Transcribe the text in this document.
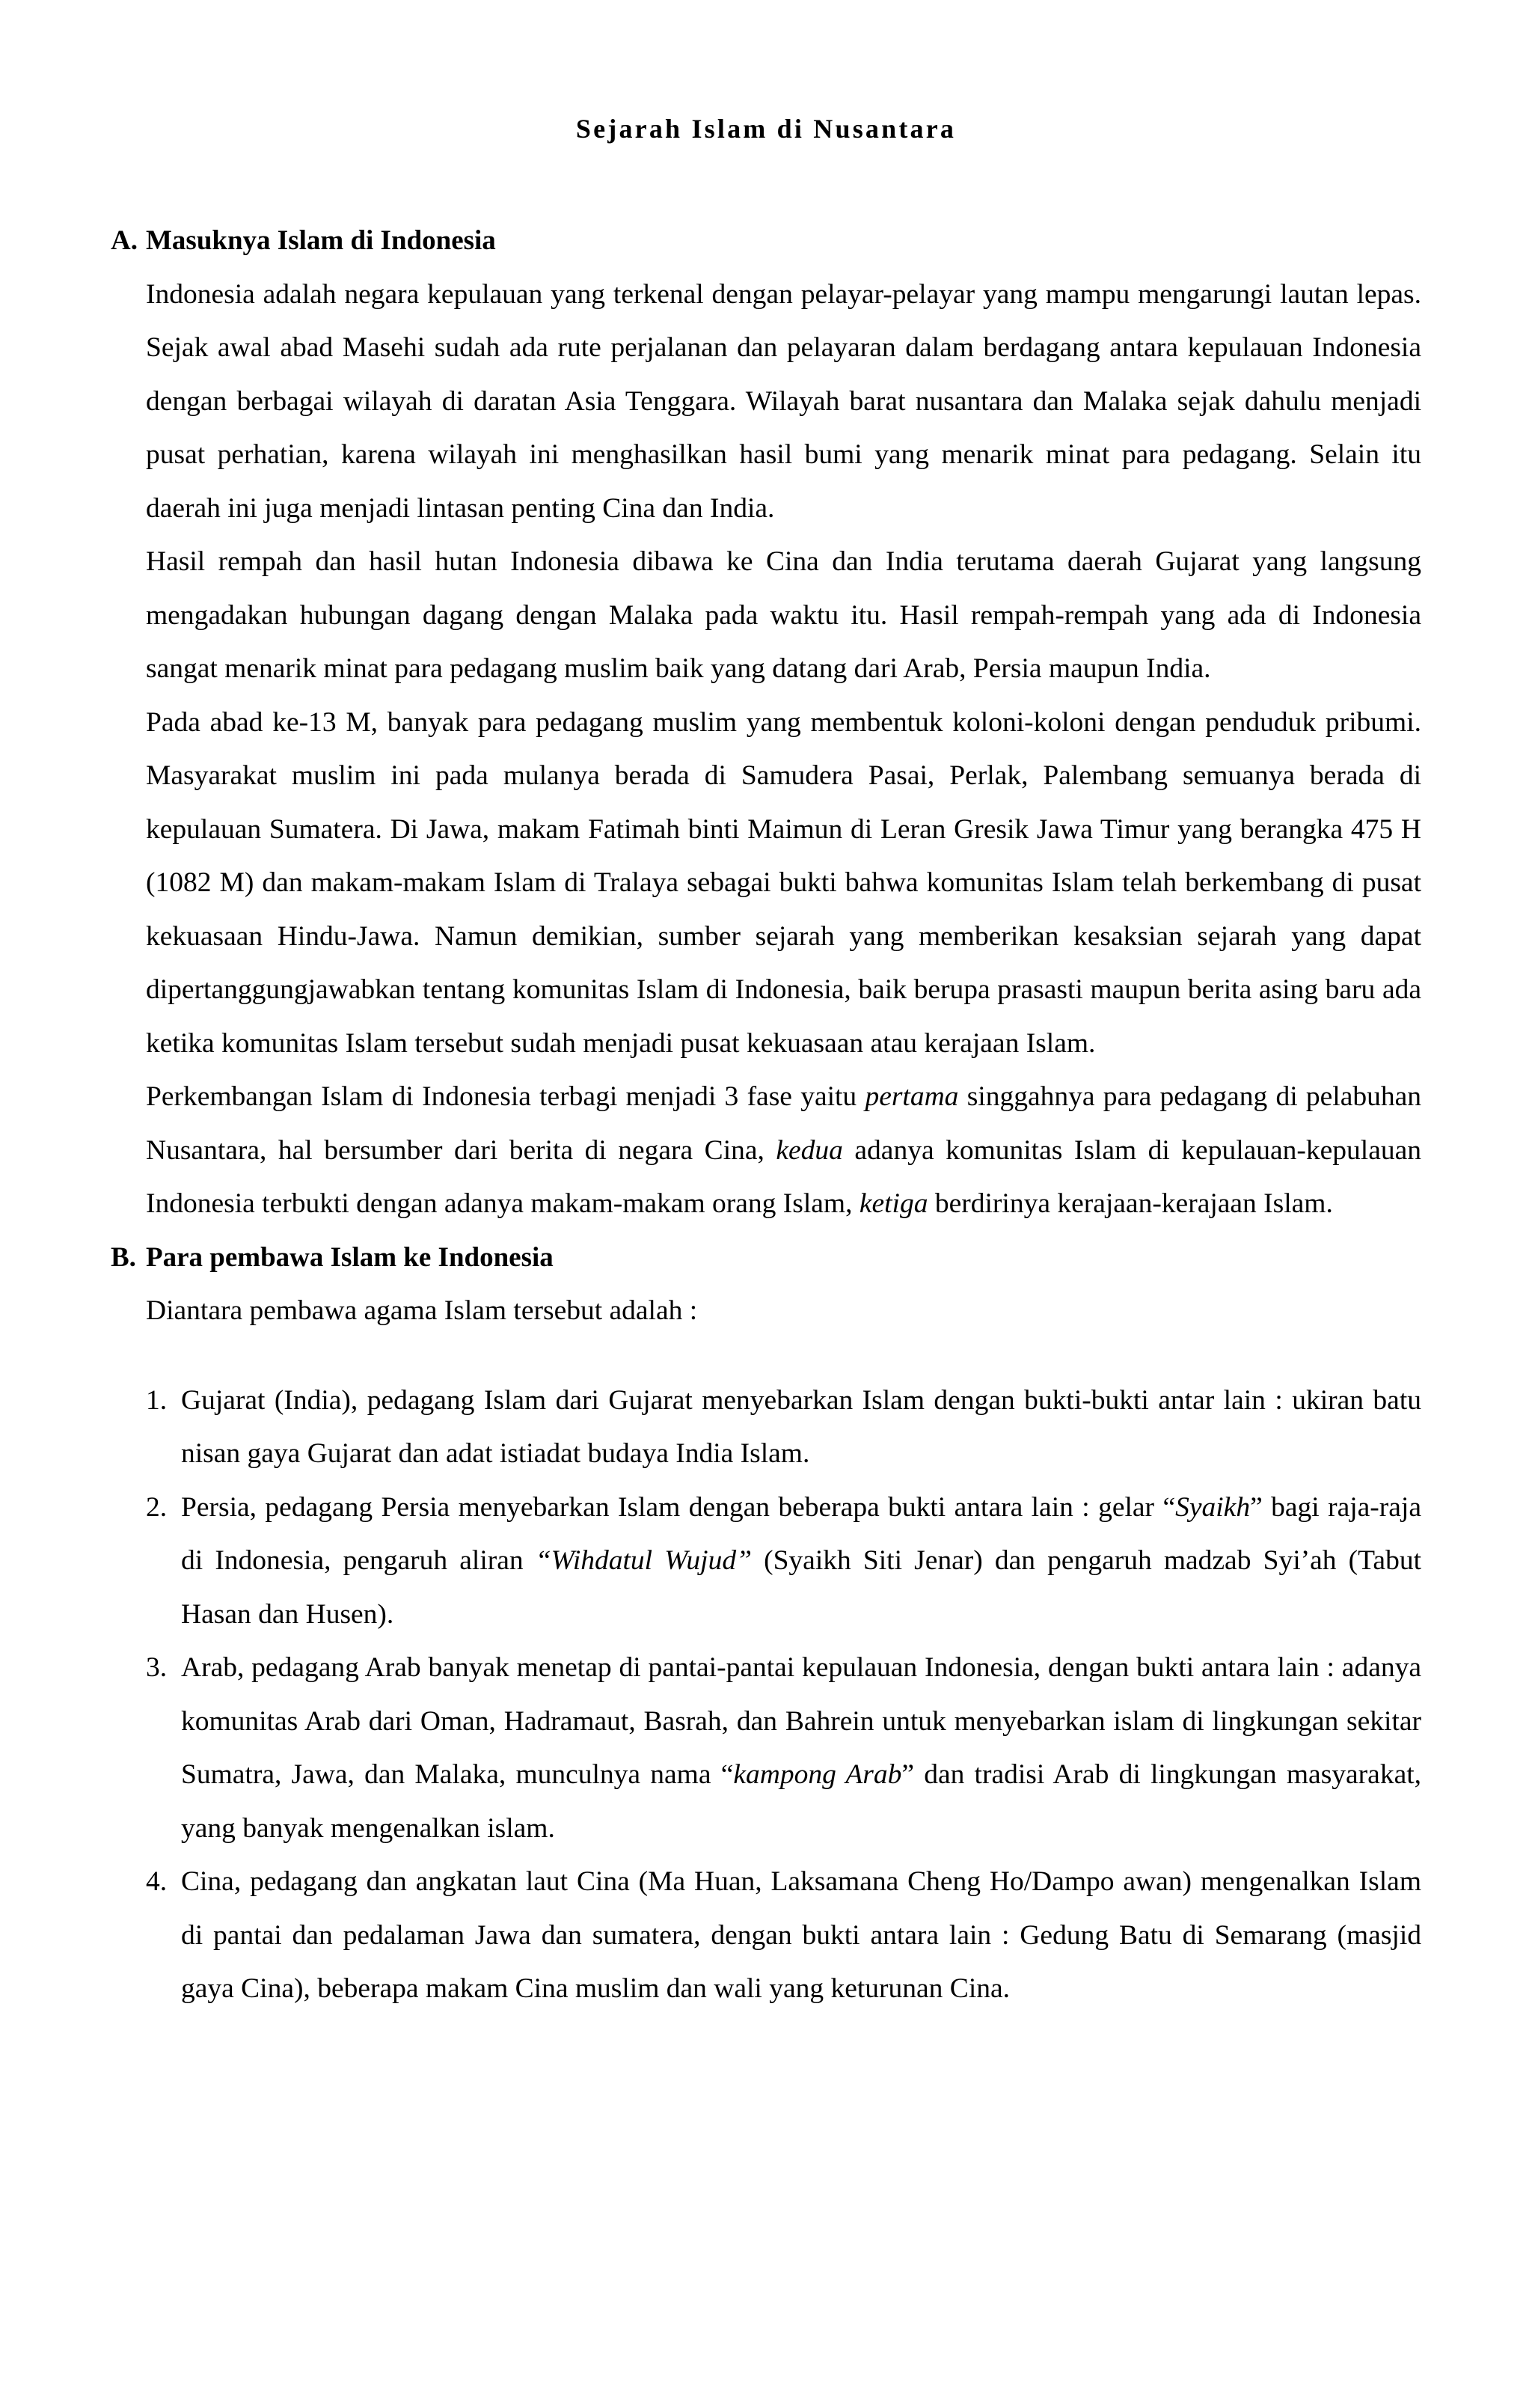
Sejarah Islam di Nusantara
A. Masuknya Islam di Indonesia
Indonesia adalah negara kepulauan yang terkenal dengan pelayar-pelayar yang mampu mengarungi lautan lepas. Sejak awal abad Masehi sudah ada rute perjalanan dan pelayaran dalam berdagang antara kepulauan Indonesia dengan berbagai wilayah di daratan Asia Tenggara. Wilayah barat nusantara dan Malaka sejak dahulu menjadi pusat perhatian, karena wilayah ini menghasilkan hasil bumi yang menarik minat para pedagang. Selain itu daerah ini juga menjadi lintasan penting Cina dan India.
Hasil rempah dan hasil hutan Indonesia dibawa ke Cina dan India terutama daerah Gujarat yang langsung mengadakan hubungan dagang dengan Malaka pada waktu itu. Hasil rempah-rempah yang ada di Indonesia sangat menarik minat para pedagang muslim baik yang datang dari Arab, Persia maupun India.
Pada abad ke-13 M, banyak para pedagang muslim yang membentuk koloni-koloni dengan penduduk pribumi. Masyarakat muslim ini pada mulanya berada di Samudera Pasai, Perlak, Palembang semuanya berada di kepulauan Sumatera. Di Jawa, makam Fatimah binti Maimun di Leran Gresik Jawa Timur yang berangka 475 H (1082 M) dan makam-makam Islam di Tralaya sebagai bukti bahwa komunitas Islam telah berkembang di pusat kekuasaan Hindu-Jawa. Namun demikian, sumber sejarah yang memberikan kesaksian sejarah yang dapat dipertanggungjawabkan tentang komunitas Islam di Indonesia, baik berupa prasasti maupun berita asing baru ada ketika komunitas Islam tersebut sudah menjadi pusat kekuasaan atau kerajaan Islam.
Perkembangan Islam di Indonesia terbagi menjadi 3 fase yaitu pertama singgahnya para pedagang di pelabuhan Nusantara, hal bersumber dari berita di negara Cina, kedua adanya komunitas Islam di kepulauan-kepulauan Indonesia terbukti dengan adanya makam-makam orang Islam, ketiga berdirinya kerajaan-kerajaan Islam.
B. Para pembawa Islam ke Indonesia
Diantara pembawa agama Islam tersebut adalah :
1. Gujarat (India), pedagang Islam dari Gujarat menyebarkan Islam dengan bukti-bukti antar lain : ukiran batu nisan gaya Gujarat dan adat istiadat budaya India Islam.
2. Persia, pedagang Persia menyebarkan Islam dengan beberapa bukti antara lain : gelar “Syaikh” bagi raja-raja di Indonesia, pengaruh aliran “Wihdatul Wujud” (Syaikh Siti Jenar) dan pengaruh madzab Syi’ah (Tabut Hasan dan Husen).
3. Arab, pedagang Arab banyak menetap di pantai-pantai kepulauan Indonesia, dengan bukti antara lain : adanya komunitas Arab dari Oman, Hadramaut, Basrah, dan Bahrein untuk menyebarkan islam di lingkungan sekitar Sumatra, Jawa, dan Malaka, munculnya nama “kampong Arab” dan tradisi Arab di lingkungan masyarakat, yang banyak mengenalkan islam.
4. Cina, pedagang dan angkatan laut Cina (Ma Huan, Laksamana Cheng Ho/Dampo awan) mengenalkan Islam di pantai dan pedalaman Jawa dan sumatera, dengan bukti antara lain : Gedung Batu di Semarang (masjid gaya Cina), beberapa makam Cina muslim dan wali yang keturunan Cina.
